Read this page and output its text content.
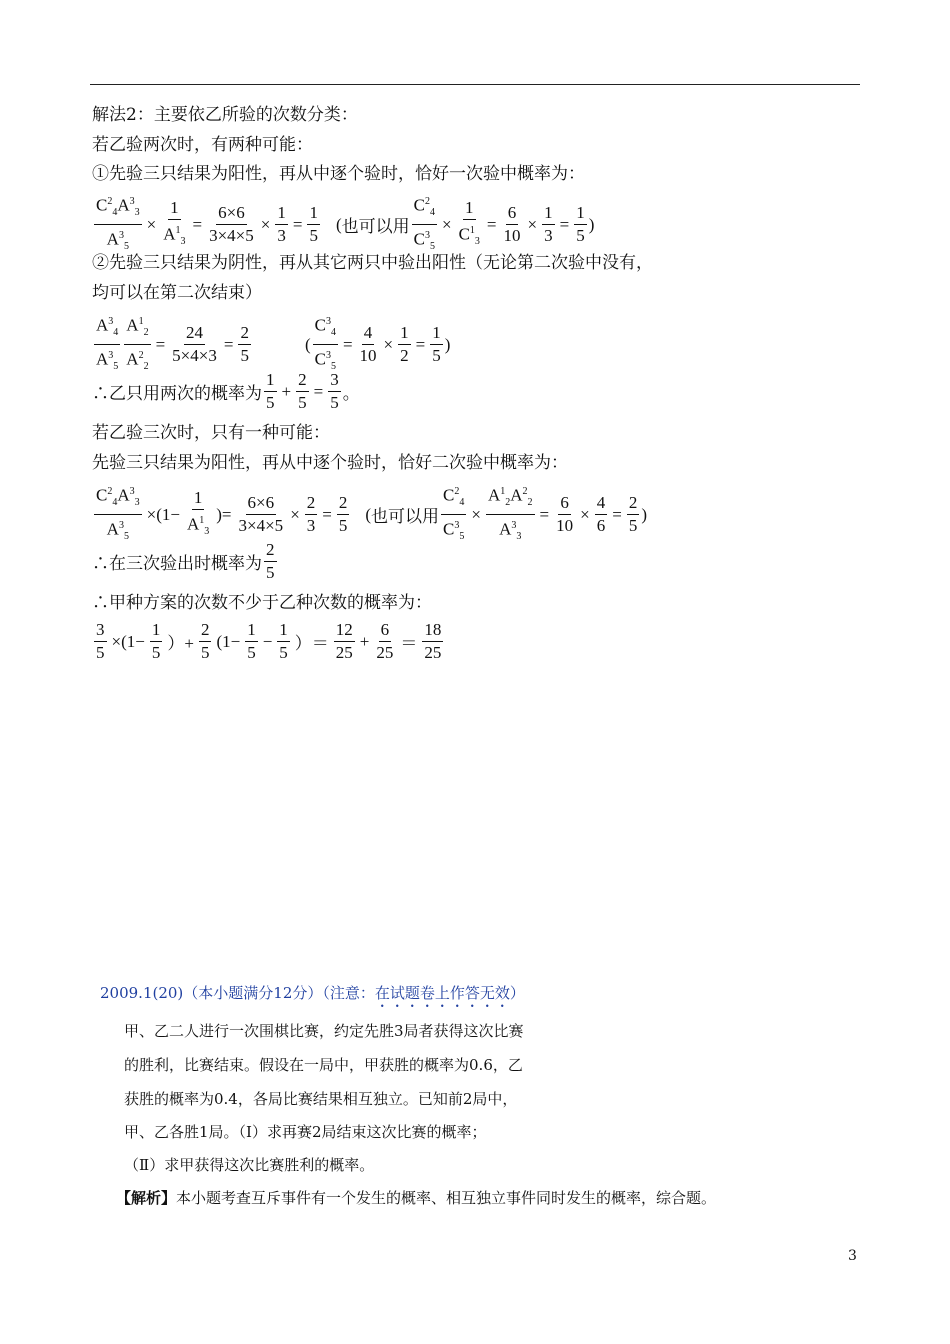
解法2：主要依乙所验的次数分类：
若乙验两次时，有两种可能：
①先验三只结果为阳性，再从中逐个验时，恰好一次验中概率为：
$\frac{C^2_4A^3_3}{A^3_5} \times \frac{1}{A^1_3} = \frac{6\times 6}{3\times 4\times 5} \times \frac{1}{3} = \frac{1}{5}$ ( 也可以用 $\frac{C^2_4}{C^3_5} \times \frac{1}{C^1_3} = \frac{6}{10} \times \frac{1}{3} = \frac{1}{5}$ )
②先验三只结果为阴性，再从其它两只中验出阳性（无论第二次验中没有，
均可以在第二次结束）
$\frac{A^3_4}{A^3_5} \frac{A^1_2}{A^2_2} = \frac{24}{5\times 4\times 3} = \frac{2}{5}$	( $\frac{C^3_4}{C^3_5} = \frac{4}{10} \times \frac{1}{2} = \frac{1}{5}$ )
∴乙只用两次的概率为 $\frac{1}{5} + \frac{2}{5} = \frac{3}{5}$ 。
若乙验三次时，只有一种可能：
先验三只结果为阳性，再从中逐个验时，恰好二次验中概率为：
$\frac{C^2_4A^3_3}{A^3_5} \times(1- \frac{1}{A^1_3}$ )= $\frac{6\times 6}{3\times 4\times 5} \times \frac{2}{3} = \frac{2}{5}$ ( 也可以用 $\frac{C^2_4}{C^3_5} \times \frac{A^1_2A^2_2}{A^3_3} = \frac{6}{10} \times \frac{4}{6} = \frac{2}{5}$ )
∴在三次验出时概率为 $\frac{2}{5}$
∴甲种方案的次数不少于乙种次数的概率为：
$\frac{3}{5} \times(1- \frac{1}{5}$ ）+ $\frac{2}{5} (1- \frac{1}{5} - \frac{1}{5}$ ）＝ $\frac{12}{25} + \frac{6}{25} = \frac{18}{25}$
2009.1(20)（本小题满分12分）（注意：在试题卷上作答无效）
甲、乙二人进行一次围棋比赛，约定先胜3局者获得这次比赛
的胜利，比赛结束。假设在一局中，甲获胜的概率为0.6，乙
获胜的概率为0.4，各局比赛结果相互独立。已知前2局中，
甲、乙各胜1局。（Ⅰ）求再赛2局结束这次比赛的概率；
（Ⅱ）求甲获得这次比赛胜利的概率。
【解析】本小题考查互斥事件有一个发生的概率、相互独立事件同时发生的概率，综合题。
3
